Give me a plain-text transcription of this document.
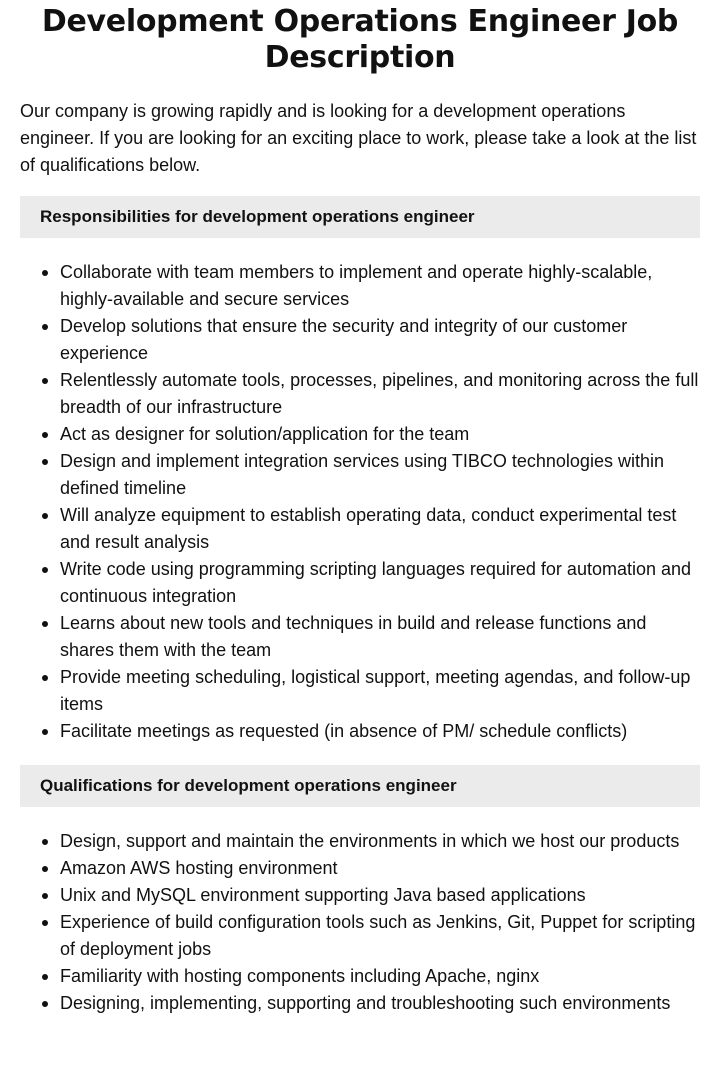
Development Operations Engineer Job Description

Our company is growing rapidly and is looking for a development operations engineer. If you are looking for an exciting place to work, please take a look at the list of qualifications below.

Responsibilities for development operations engineer
Collaborate with team members to implement and operate highly-scalable, highly-available and secure services
Develop solutions that ensure the security and integrity of our customer experience
Relentlessly automate tools, processes, pipelines, and monitoring across the full breadth of our infrastructure
Act as designer for solution/application for the team
Design and implement integration services using TIBCO technologies within defined timeline
Will analyze equipment to establish operating data, conduct experimental test and result analysis
Write code using programming scripting languages required for automation and continuous integration
Learns about new tools and techniques in build and release functions and shares them with the team
Provide meeting scheduling, logistical support, meeting agendas, and follow-up items
Facilitate meetings as requested (in absence of PM/ schedule conflicts)
Qualifications for development operations engineer
Design, support and maintain the environments in which we host our products
Amazon AWS hosting environment
Unix and MySQL environment supporting Java based applications
Experience of build configuration tools such as Jenkins, Git, Puppet for scripting of deployment jobs
Familiarity with hosting components including Apache, nginx
Designing, implementing, supporting and troubleshooting such environments
